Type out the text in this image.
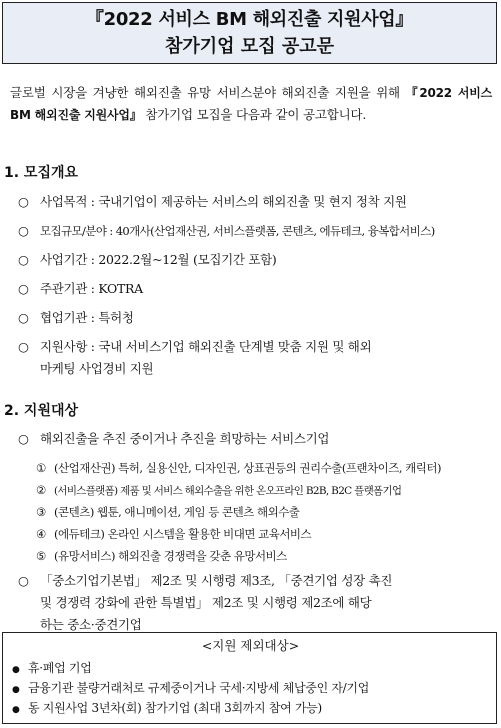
『2022 서비스 BM 해외진출 지원사업』
참가기업 모집 공고문
글로벌 시장을 겨냥한 해외진출 유망 서비스분야 해외진출 지원을 위해 『2022 서비스 BM 해외진출 지원사업』 참가기업 모집을 다음과 같이 공고합니다.
1. 모집개요
○ 사업목적 : 국내기업이 제공하는 서비스의 해외진출 및 현지 정착 지원
○ 모집규모/분야 : 40개사(산업재산권, 서비스플랫폼, 콘텐츠, 에듀테크, 융복합서비스)
○ 사업기간 : 2022.2월~12월 (모집기간 포함)
○ 주관기관 : KOTRA
○ 협업기관 : 특허청
○ 지원사항 : 국내 서비스기업 해외진출 단계별 맞춤 지원 및 해외
마케팅 사업경비 지원
2. 지원대상
○ 해외진출을 추진 중이거나 추진을 희망하는 서비스기업
① (산업재산권) 특허, 실용신안, 디자인권, 상표권등의 권리수출(프랜차이즈, 캐릭터)
② (서비스플랫폼) 제품 및 서비스 해외수출을 위한 온오프라인 B2B, B2C 플랫폼기업
③ (콘텐츠) 웹툰, 애니메이션, 게임 등 콘텐츠 해외수출
④ (에듀테크) 온라인 시스템을 활용한 비대면 교육서비스
⑤ (유망서비스) 해외진출 경쟁력을 갖춘 유망서비스
○ 「중소기업기본법」 제2조 및 시행령 제3조, 「중견기업 성장 촉진
및 경쟁력 강화에 관한 특별법」 제2조 및 시행령 제2조에 해당
하는 중소·중견기업
<지원 제외대상>
● 휴·폐업 기업
● 금융기관 불량거래처로 규제중이거나 국세·지방세 체납중인 자/기업
● 동 지원사업 3년차(회) 참가기업 (최대 3회까지 참여 가능)
